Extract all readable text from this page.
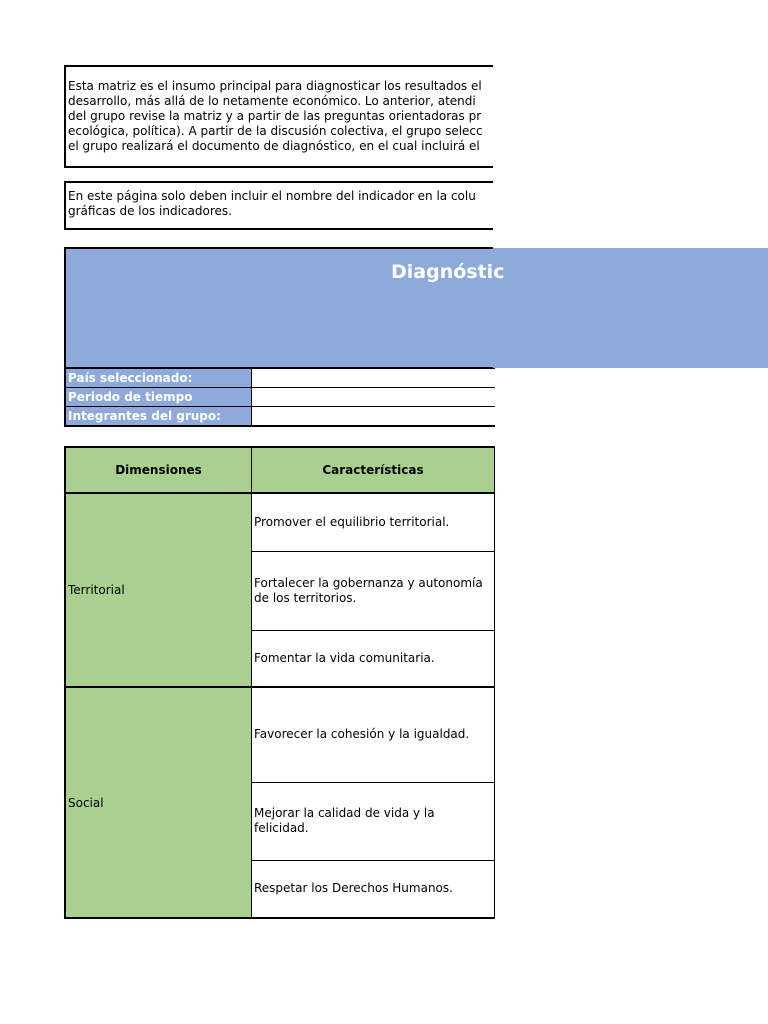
Esta matriz es el insumo principal para diagnosticar los resultados el

desarrollo, más allá de lo netamente económico. Lo anterior, atendi

del grupo revise la matriz y a partir de las preguntas orientadoras pr

ecológica, política). A partir de la discusión colectiva, el grupo selecc

el grupo realizará el documento de diagnóstico, en el cual incluirá el

En este página solo deben incluir el nombre del indicador en la colu

gráficas de los indicadores.

Diagnóstic
País seleccionado:	
Periodo de tiempo	
Integrantes del grupo:	
Dimensiones	Características
Territorial	Promover el equilibrio territorial.
	Fortalecer la gobernanza y autonomía de los territorios.
	Fomentar la vida comunitaria.
Social	Favorecer la cohesión y la igualdad.
	Mejorar la calidad de vida y la felicidad.
	Respetar los Derechos Humanos.
